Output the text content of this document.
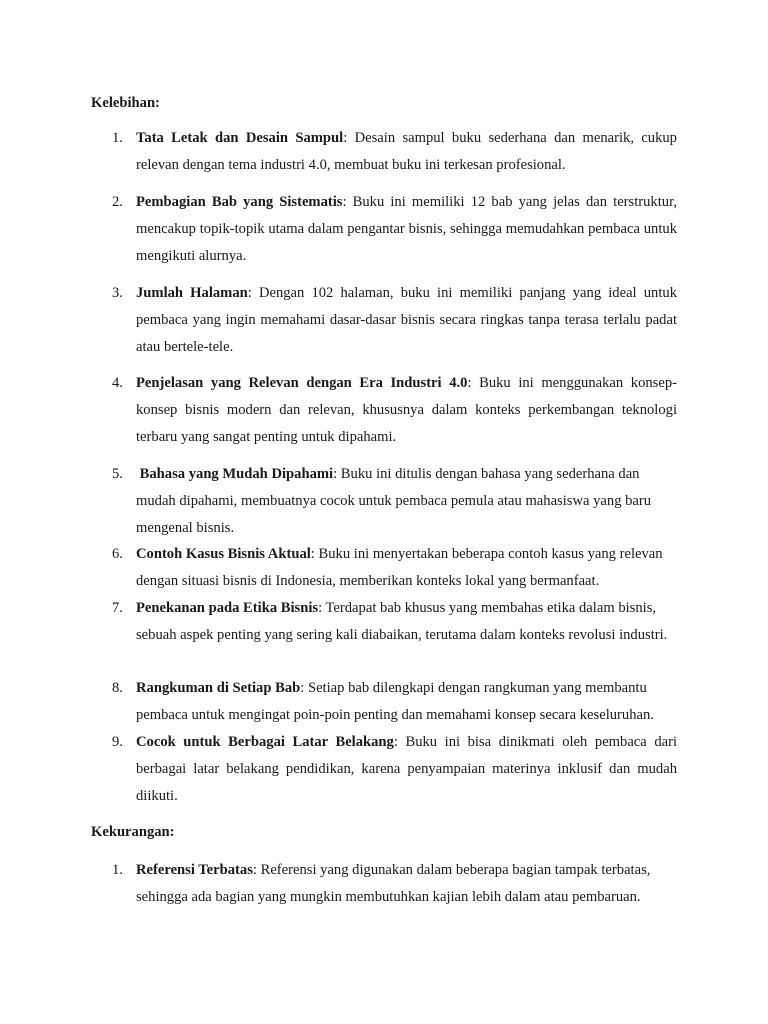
Kelebihan:
1. Tata Letak dan Desain Sampul: Desain sampul buku sederhana dan menarik, cukup relevan dengan tema industri 4.0, membuat buku ini terkesan profesional.
2. Pembagian Bab yang Sistematis: Buku ini memiliki 12 bab yang jelas dan terstruktur, mencakup topik-topik utama dalam pengantar bisnis, sehingga memudahkan pembaca untuk mengikuti alurnya.
3. Jumlah Halaman: Dengan 102 halaman, buku ini memiliki panjang yang ideal untuk pembaca yang ingin memahami dasar-dasar bisnis secara ringkas tanpa terasa terlalu padat atau bertele-tele.
4. Penjelasan yang Relevan dengan Era Industri 4.0: Buku ini menggunakan konsep-konsep bisnis modern dan relevan, khususnya dalam konteks perkembangan teknologi terbaru yang sangat penting untuk dipahami.
5. Bahasa yang Mudah Dipahami: Buku ini ditulis dengan bahasa yang sederhana dan mudah dipahami, membuatnya cocok untuk pembaca pemula atau mahasiswa yang baru mengenal bisnis.
6. Contoh Kasus Bisnis Aktual: Buku ini menyertakan beberapa contoh kasus yang relevan dengan situasi bisnis di Indonesia, memberikan konteks lokal yang bermanfaat.
7. Penekanan pada Etika Bisnis: Terdapat bab khusus yang membahas etika dalam bisnis, sebuah aspek penting yang sering kali diabaikan, terutama dalam konteks revolusi industri.
8. Rangkuman di Setiap Bab: Setiap bab dilengkapi dengan rangkuman yang membantu pembaca untuk mengingat poin-poin penting dan memahami konsep secara keseluruhan.
9. Cocok untuk Berbagai Latar Belakang: Buku ini bisa dinikmati oleh pembaca dari berbagai latar belakang pendidikan, karena penyampaian materinya inklusif dan mudah diikuti.
Kekurangan:
1. Referensi Terbatas: Referensi yang digunakan dalam beberapa bagian tampak terbatas, sehingga ada bagian yang mungkin membutuhkan kajian lebih dalam atau pembaruan.
